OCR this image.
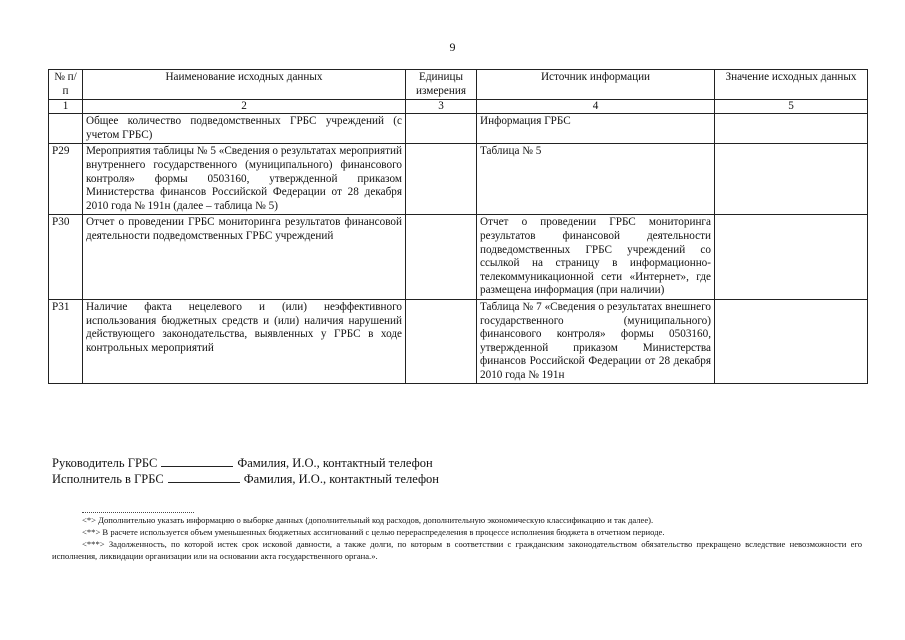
9
№ п/п	Наименование исходных данных	Единицы измерения	Источник информации	Значение исходных данных
1	2	3	4	5
	Общее количество подведомственных ГРБС учреждений (с учетом ГРБС)		Информация ГРБС	
Р29	Мероприятия таблицы № 5 «Сведения о результатах мероприятий внутреннего государственного (муниципального) финансового контроля» формы 0503160, утвержденной приказом Министерства финансов Российской Федерации от 28 декабря 2010 года № 191н (далее – таблица № 5)		Таблица № 5	
Р30	Отчет о проведении ГРБС мониторинга результатов финансовой деятельности подведомственных ГРБС учреждений		Отчет о проведении ГРБС мониторинга результатов финансовой деятельности подведомственных ГРБС учреждений со ссылкой на страницу в информационно-телекоммуникационной сети «Интернет», где размещена информация (при наличии)	
Р31	Наличие факта нецелевого и (или) неэффективного использования бюджетных средств и (или) наличия нарушений действующего законодательства, выявленных у ГРБС в ходе контрольных мероприятий		Таблица № 7 «Сведения о результатах внешнего государственного (муниципального) финансового контроля» формы 0503160, утвержденной приказом Министерства финансов Российской Федерации от 28 декабря 2010 года № 191н	
Руководитель ГРБС	Фамилия, И.О., контактный телефон
Исполнитель в ГРБС	Фамилия, И.О., контактный телефон
<*> Дополнительно указать информацию о выборке данных (дополнительный код расходов, дополнительную экономическую классификацию и так далее).
<**> В расчете используется объем уменьшенных бюджетных ассигнований с целью перераспределения в процессе исполнения бюджета в отчетном периоде.
<***> Задолженность, по которой истек срок исковой давности, а также долги, по которым в соответствии с гражданским законодательством обязательство прекращено вследствие невозможности его исполнения, ликвидации организации или на основании акта государственного органа.».
